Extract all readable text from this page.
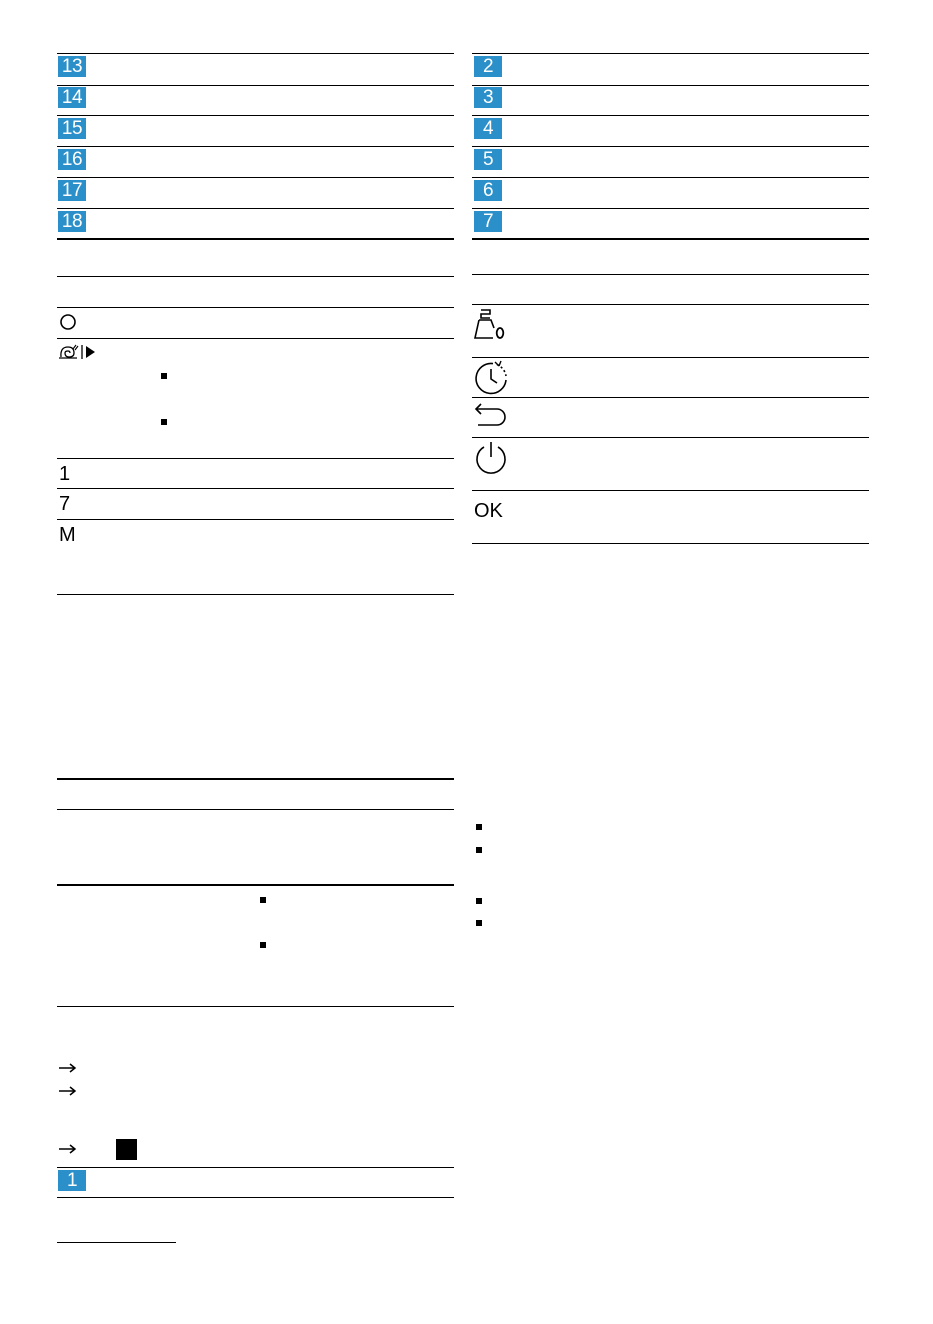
13
14
15
16
17
18
1
7
M
1
2
3
4
5
6
7
OK
